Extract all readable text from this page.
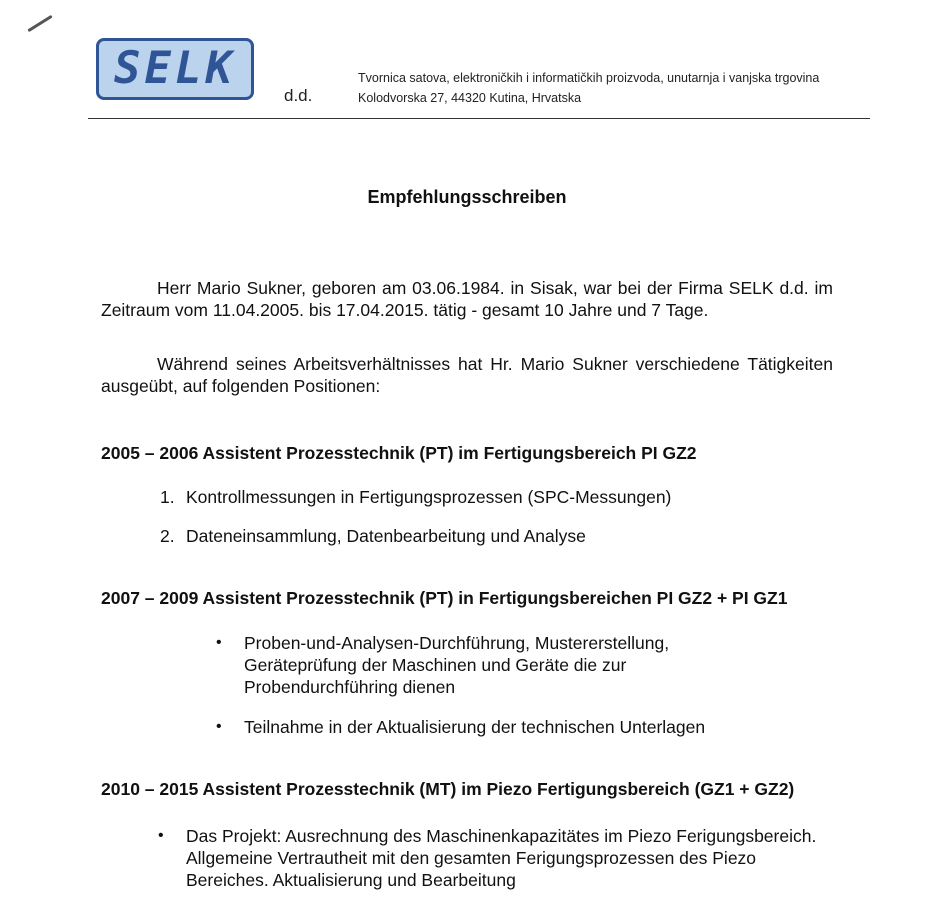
SELK
d.d.
Tvornica satova, elektroničkih i informatičkih proizvoda, unutarnja i vanjska trgovina
Kolodvorska 27, 44320 Kutina, Hrvatska
Empfehlungsschreiben
Herr Mario Sukner, geboren am 03.06.1984. in Sisak, war bei der Firma SELK d.d. im Zeitraum vom 11.04.2005. bis 17.04.2015. tätig - gesamt 10 Jahre und 7 Tage.
Während seines Arbeitsverhältnisses hat Hr. Mario Sukner verschiedene Tätigkeiten ausgeübt, auf folgenden Positionen:
2005 – 2006 Assistent Prozesstechnik (PT) im Fertigungsbereich PI GZ2
1. Kontrollmessungen in Fertigungsprozessen (SPC-Messungen)
2. Dateneinsammlung, Datenbearbeitung und Analyse
2007 – 2009 Assistent Prozesstechnik (PT) in Fertigungsbereichen PI GZ2 + PI GZ1
• Proben-und-Analysen-Durchführung, Mustererstellung, Geräteprüfung der Maschinen und Geräte die zur Probendurchführing dienen
• Teilnahme in der Aktualisierung der technischen Unterlagen
2010 – 2015 Assistent Prozesstechnik (MT) im Piezo Fertigungsbereich (GZ1 + GZ2)
• Das Projekt: Ausrechnung des Maschinenkapazitätes im Piezo Ferigungsbereich. Allgemeine Vertrautheit mit den gesamten Ferigungsprozessen des Piezo Bereiches. Aktualisierung und Bearbeitung
